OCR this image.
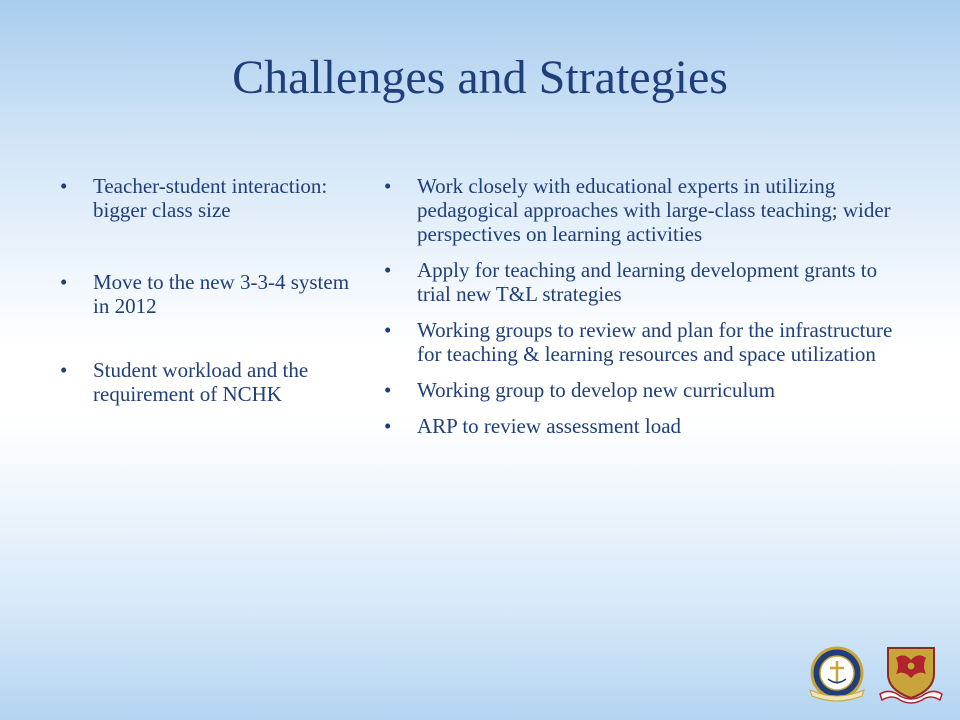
Challenges and Strategies
•	Teacher-student interaction: bigger class size
•	Move to the new 3-3-4 system in 2012
•	Student workload and the requirement of NCHK
•	Work closely with educational experts in utilizing pedagogical approaches with large-class teaching; wider perspectives on learning activities
•	Apply for teaching and learning development grants to trial new T&L strategies
•	Working groups to review and plan for the infrastructure for teaching & learning resources and space utilization
•	Working group to develop new curriculum
•	ARP to review assessment load
